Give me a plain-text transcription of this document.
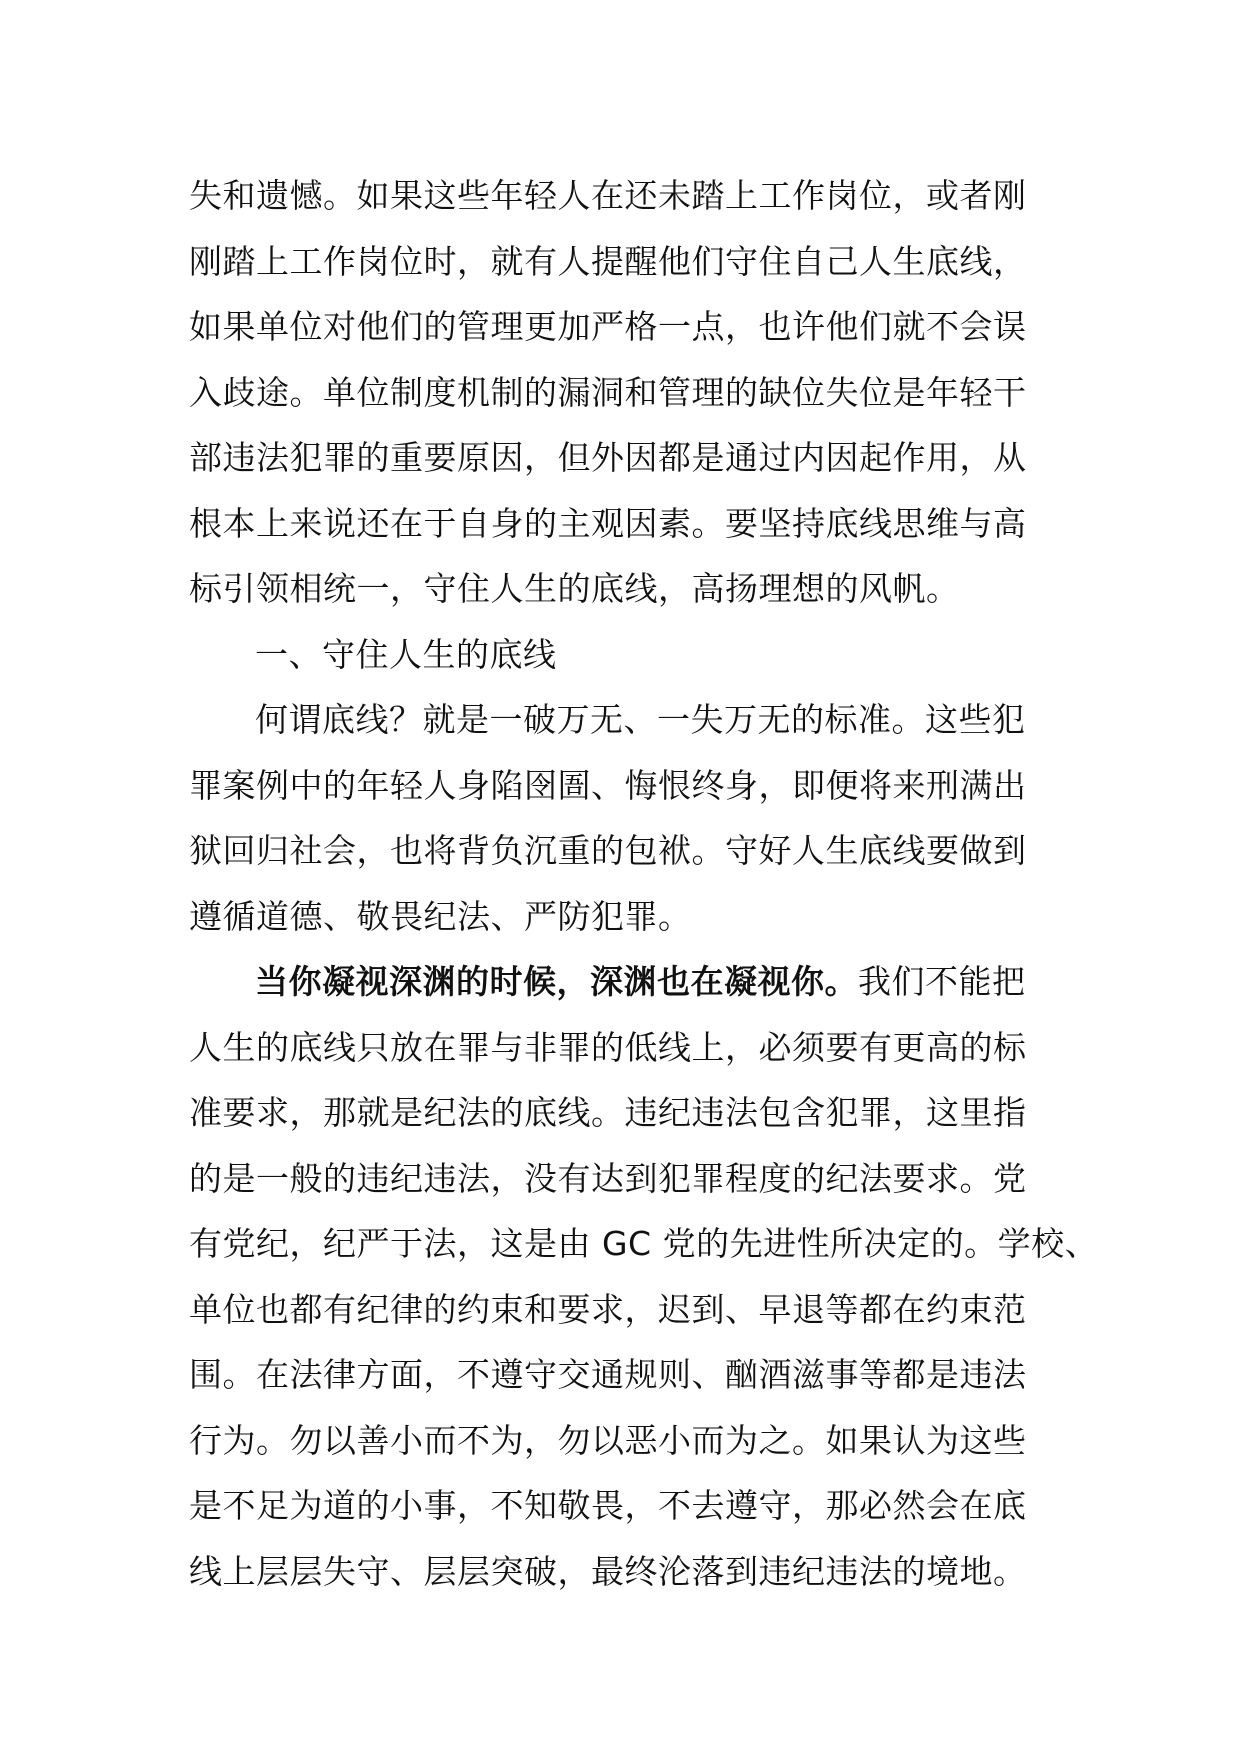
失和遗憾。如果这些年轻人在还未踏上工作岗位，或者刚
刚踏上工作岗位时，就有人提醒他们守住自己人生底线，
如果单位对他们的管理更加严格一点，也许他们就不会误
入歧途。单位制度机制的漏洞和管理的缺位失位是年轻干
部违法犯罪的重要原因，但外因都是通过内因起作用，从
根本上来说还在于自身的主观因素。要坚持底线思维与高
标引领相统一，守住人生的底线，高扬理想的风帆。
一、守住人生的底线
何谓底线？就是一破万无、一失万无的标准。这些犯
罪案例中的年轻人身陷囹圄、悔恨终身，即便将来刑满出
狱回归社会，也将背负沉重的包袱。守好人生底线要做到
遵循道德、敬畏纪法、严防犯罪。
当你凝视深渊的时候，深渊也在凝视你。我们不能把
人生的底线只放在罪与非罪的低线上，必须要有更高的标
准要求，那就是纪法的底线。违纪违法包含犯罪，这里指
的是一般的违纪违法，没有达到犯罪程度的纪法要求。党
有党纪，纪严于法，这是由 GC 党的先进性所决定的。学校、
单位也都有纪律的约束和要求，迟到、早退等都在约束范
围。在法律方面，不遵守交通规则、酗酒滋事等都是违法
行为。勿以善小而不为，勿以恶小而为之。如果认为这些
是不足为道的小事，不知敬畏，不去遵守，那必然会在底
线上层层失守、层层突破，最终沦落到违纪违法的境地。
